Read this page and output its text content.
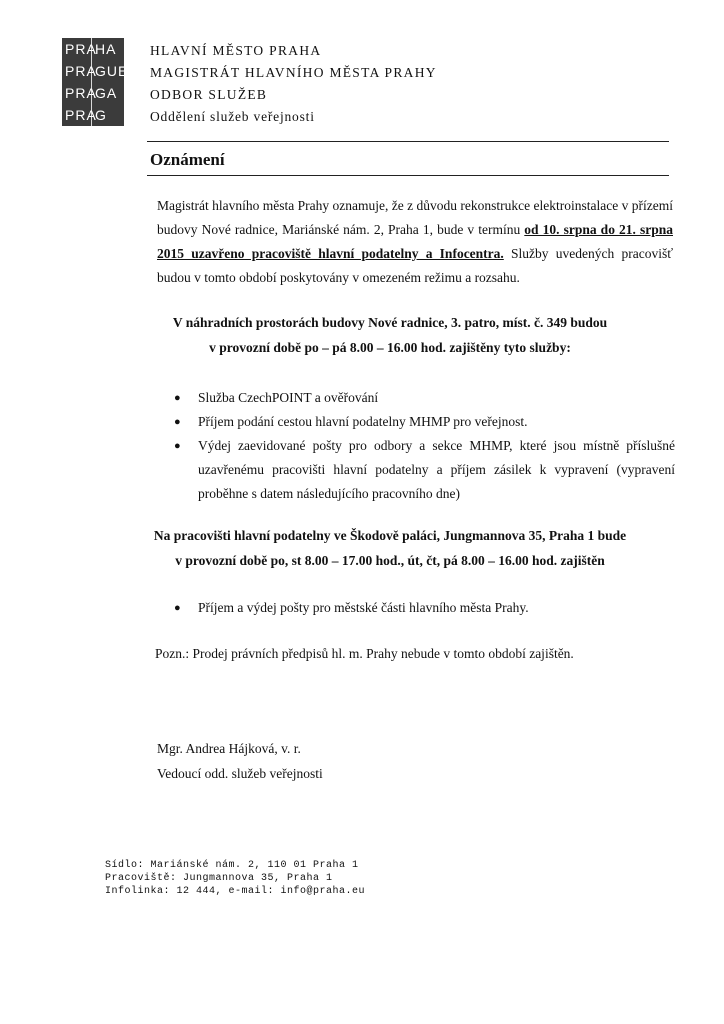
PRA
HA
PRA
GUE
PRA
GA
PRA
G
HLAVNÍ MĚSTO PRAHA
MAGISTRÁT HLAVNÍHO MĚSTA PRAHY
ODBOR SLUŽEB
Oddělení služeb veřejnosti
Oznámení
Magistrát hlavního města Prahy oznamuje, že z důvodu rekonstrukce elektroinstalace v přízemí budovy Nové radnice, Mariánské nám. 2, Praha 1, bude v termínu od 10. srpna do 21. srpna 2015 uzavřeno pracoviště hlavní podatelny a Infocentra. Služby uvedených pracovišť budou v tomto období poskytovány v omezeném režimu a rozsahu.
V náhradních prostorách budovy Nové radnice, 3. patro, míst. č. 349 budou
v provozní době po – pá 8.00 – 16.00 hod. zajištěny tyto služby:
● Služba CzechPOINT a ověřování
● Příjem podání cestou hlavní podatelny MHMP pro veřejnost.
● Výdej zaevidované pošty pro odbory a sekce MHMP, které jsou místně příslušné uzavřenému pracovišti hlavní podatelny a příjem zásilek k vypravení (vypravení proběhne s datem následujícího pracovního dne)
Na pracovišti hlavní podatelny ve Škodově paláci, Jungmannova 35, Praha 1 bude
v provozní době po, st 8.00 – 17.00 hod., út, čt, pá 8.00 – 16.00 hod. zajištěn
● Příjem a výdej pošty pro městské části hlavního města Prahy.
Pozn.: Prodej právních předpisů hl. m. Prahy nebude v tomto období zajištěn.
Mgr. Andrea Hájková, v. r.
Vedoucí odd. služeb veřejnosti
Sídlo: Mariánské nám. 2, 110 01 Praha 1
Pracoviště: Jungmannova 35, Praha 1
Infolinka: 12 444, e-mail: info@praha.eu
